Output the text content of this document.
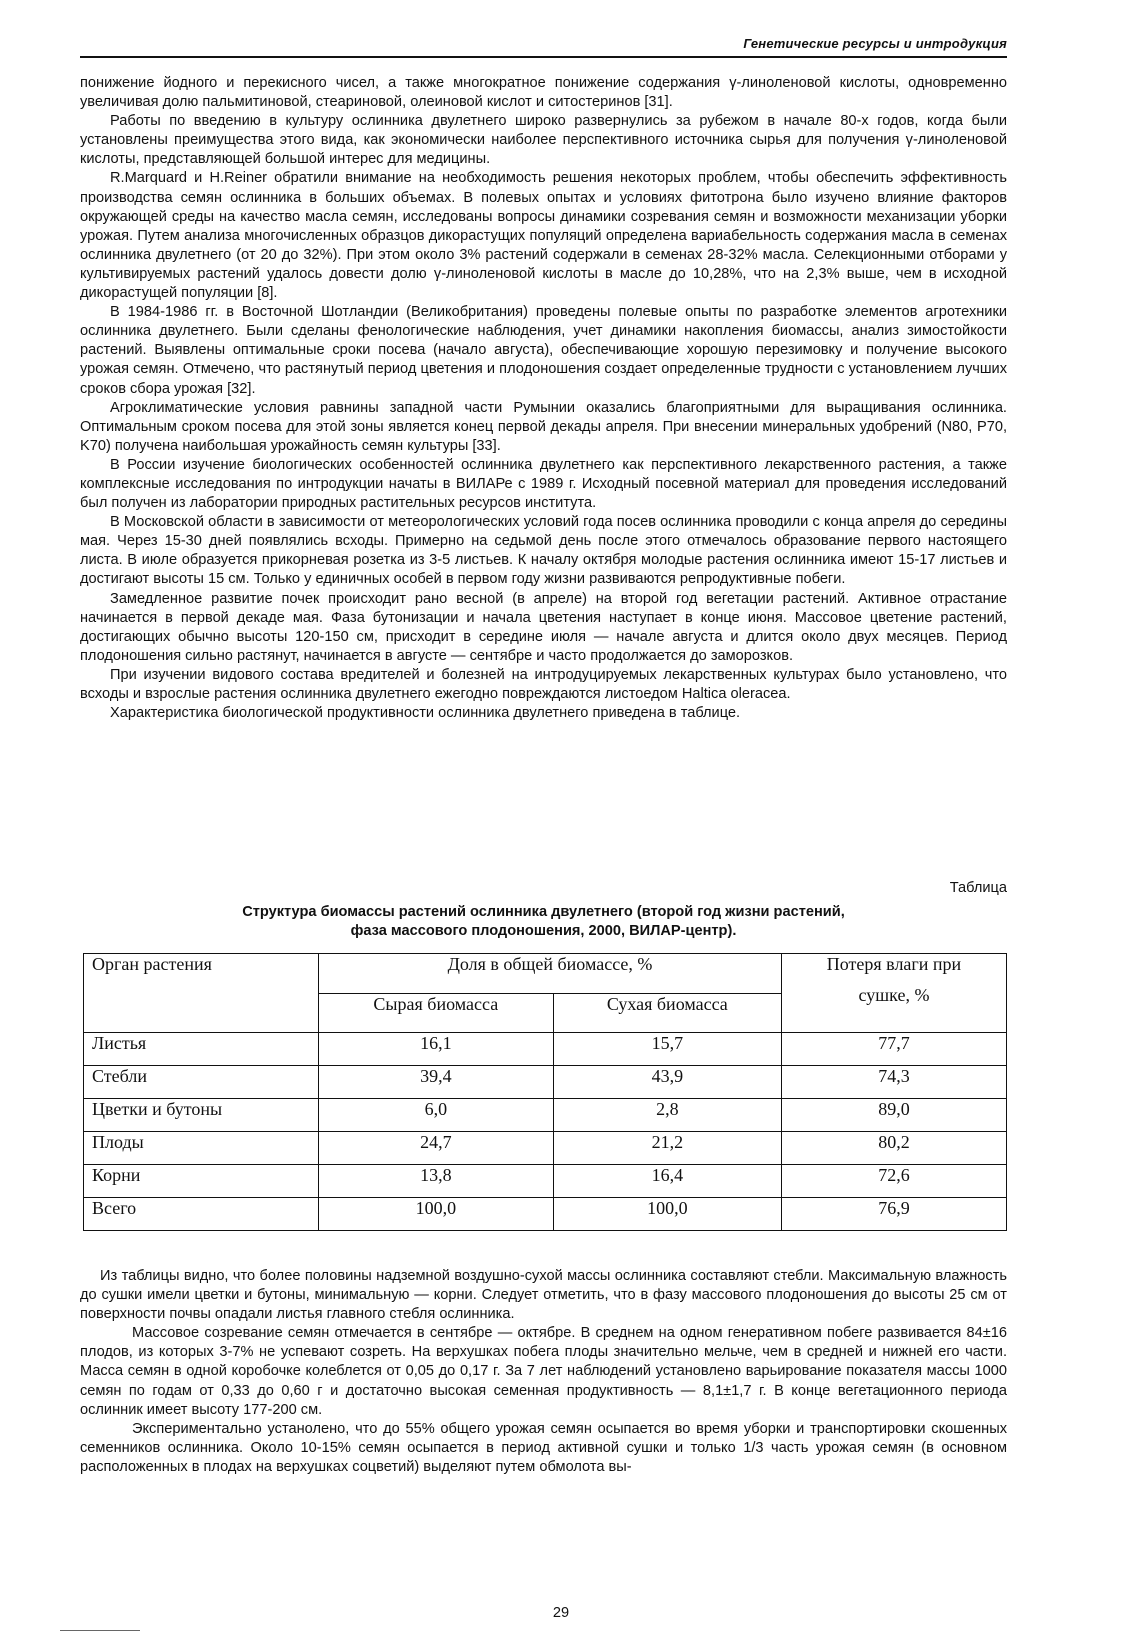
Генетические ресурсы и интродукция

понижение йодного и перекисного чисел, а также многократное понижение содержания γ-линоленовой кислоты, одновременно увеличивая долю пальмитиновой, стеариновой, олеиновой кислот и ситостеринов [31].

Работы по введению в культуру ослинника двулетнего широко развернулись за рубежом в начале 80-х годов, когда были установлены преимущества этого вида, как экономически наиболее перспективного источника сырья для получения γ-линоленовой кислоты, представляющей большой интерес для медицины.

R.Marquard и H.Reiner обратили внимание на необходимость решения некоторых проблем, чтобы обеспечить эффективность производства семян ослинника в больших объемах. В полевых опытах и условиях фитотрона было изучено влияние факторов окружающей среды на качество масла семян, исследованы вопросы динамики созревания семян и возможности механизации уборки урожая. Путем анализа многочисленных образцов дикорастущих популяций определена вариабельность содержания масла в семенах ослинника двулетнего (от 20 до 32%). При этом около 3% растений содержали в семенах 28-32% масла. Селекционными отборами у культивируемых растений удалось довести долю γ-линоленовой кислоты в масле до 10,28%, что на 2,3% выше, чем в исходной дикорастущей популяции [8].

В 1984-1986 гг. в Восточной Шотландии (Великобритания) проведены полевые опыты по разработке элементов агротехники ослинника двулетнего. Были сделаны фенологические наблюдения, учет динамики накопления биомассы, анализ зимостойкости растений. Выявлены оптимальные сроки посева (начало августа), обеспечивающие хорошую перезимовку и получение высокого урожая семян. Отмечено, что растянутый период цветения и плодоношения создает определенные трудности с установлением лучших сроков сбора урожая [32].

Агроклиматические условия равнины западной части Румынии оказались благоприятными для выращивания ослинника. Оптимальным сроком посева для этой зоны является конец первой декады апреля. При внесении минеральных удобрений (N80, P70, K70) получена наибольшая урожайность семян культуры [33].

В России изучение биологических особенностей ослинника двулетнего как перспективного лекарственного растения, а также комплексные исследования по интродукции начаты в ВИЛАРе с 1989 г. Исходный посевной материал для проведения исследований был получен из лаборатории природных растительных ресурсов института.

В Московской области в зависимости от метеорологических условий года посев ослинника проводили с конца апреля до середины мая. Через 15-30 дней появлялись всходы. Примерно на седьмой день после этого отмечалось образование первого настоящего листа. В июле образуется прикорневая розетка из 3-5 листьев. К началу октября молодые растения ослинника имеют 15-17 листьев и достигают высоты 15 см. Только у единичных особей в первом году жизни развиваются репродуктивные побеги.

Замедленное развитие почек происходит рано весной (в апреле) на второй год вегетации растений. Активное отрастание начинается в первой декаде мая. Фаза бутонизации и начала цветения наступает в конце июня. Массовое цветение растений, достигающих обычно высоты 120-150 см, присходит в середине июля — начале августа и длится около двух месяцев. Период плодоношения сильно растянут, начинается в августе — сентябре и часто продолжается до заморозков.

При изучении видового состава вредителей и болезней на интродуцируемых лекарственных культурах было установлено, что всходы и взрослые растения ослинника двулетнего ежегодно повреждаются листоедом Haltica oleracea.

Характеристика биологической продуктивности ослинника двулетнего приведена в таблице.

Таблица
Структура биомассы растений ослинника двулетнего (второй год жизни растений,
фаза массового плодоношения, 2000, ВИЛАР-центр).
Орган растения	Доля в общей биомассе, %		Потеря влаги при
сушке, %

	Сырая биомасса	Сухая биомасса	
Листья	16,1	15,7	77,7
Стебли	39,4	43,9	74,3
Цветки и бутоны	6,0	2,8	89,0
Плоды	24,7	21,2	80,2
Корни	13,8	16,4	72,6
Всего	100,0	100,0	76,9

Из таблицы видно, что более половины надземной воздушно-сухой массы ослинника составляют стебли. Максимальную влажность до сушки имели цветки и бутоны, минимальную — корни. Следует отметить, что в фазу массового плодоношения до высоты 25 см от поверхности почвы опадали листья главного стебля ослинника.

Массовое созревание семян отмечается в сентябре — октябре. В среднем на одном генеративном побеге развивается 84±16 плодов, из которых 3-7% не успевают созреть. На верхушках побега плоды значительно мельче, чем в средней и нижней его части. Масса семян в одной коробочке колеблется от 0,05 до 0,17 г. За 7 лет наблюдений установлено варьирование показателя массы 1000 семян по годам от 0,33 до 0,60 г и достаточно высокая семенная продуктивность — 8,1±1,7 г. В конце вегетационного периода ослинник имеет высоту 177-200 см.

Экспериментально устанолено, что до 55% общего урожая семян осыпается во время уборки и транспортировки скошенных семенников ослинника. Около 10-15% семян осыпается в период активной сушки и только 1/3 часть урожая семян (в основном расположенных в плодах на верхушках соцветий) выделяют путем обмолота вы-

29
